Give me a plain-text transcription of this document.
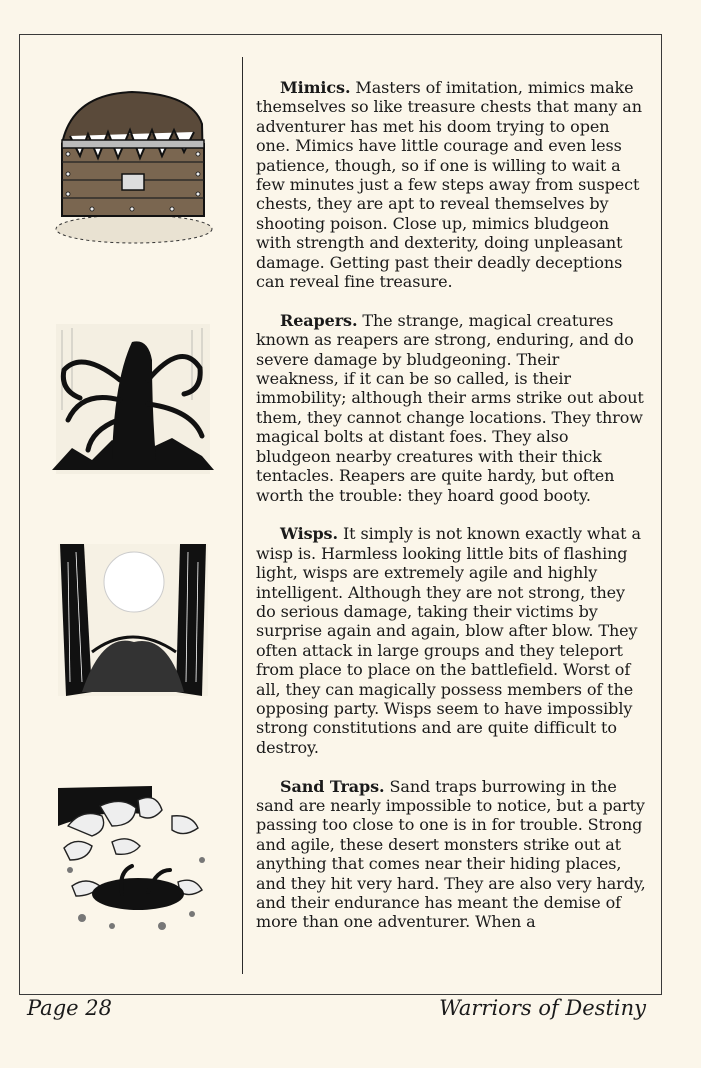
Mimics. Masters of imitation, mimics make themselves so like treasure chests that many an adventurer has met his doom trying to open one. Mimics have little courage and even less patience, though, so if one is willing to wait a few minutes just a few steps away from suspect chests, they are apt to reveal themselves by shooting poison. Close up, mimics bludgeon with strength and dexterity, doing unpleasant damage. Getting past their deadly deceptions can reveal fine treasure.

Reapers. The strange, magical creatures known as reapers are strong, enduring, and do severe damage by bludgeoning. Their weakness, if it can be so called, is their immobility; although their arms strike out about them, they cannot change locations. They throw magical bolts at distant foes. They also bludgeon nearby creatures with their thick tentacles. Reapers are quite hardy, but often worth the trouble: they hoard good booty.

Wisps. It simply is not known exactly what a wisp is. Harmless looking little bits of flashing light, wisps are extremely agile and highly intelligent. Although they are not strong, they do serious damage, taking their victims by surprise again and again, blow after blow. They often attack in large groups and they teleport from place to place on the battlefield. Worst of all, they can magically possess members of the opposing party. Wisps seem to have impossibly strong constitutions and are quite difficult to destroy.

Sand Traps. Sand traps burrowing in the sand are nearly impossible to notice, but a party passing too close to one is in for trouble. Strong and agile, these desert monsters strike out at anything that comes near their hiding places, and they hit very hard. They are also very hardy, and their endurance has meant the demise of more than one adventurer. When a

Page 28	Warriors of Destiny
